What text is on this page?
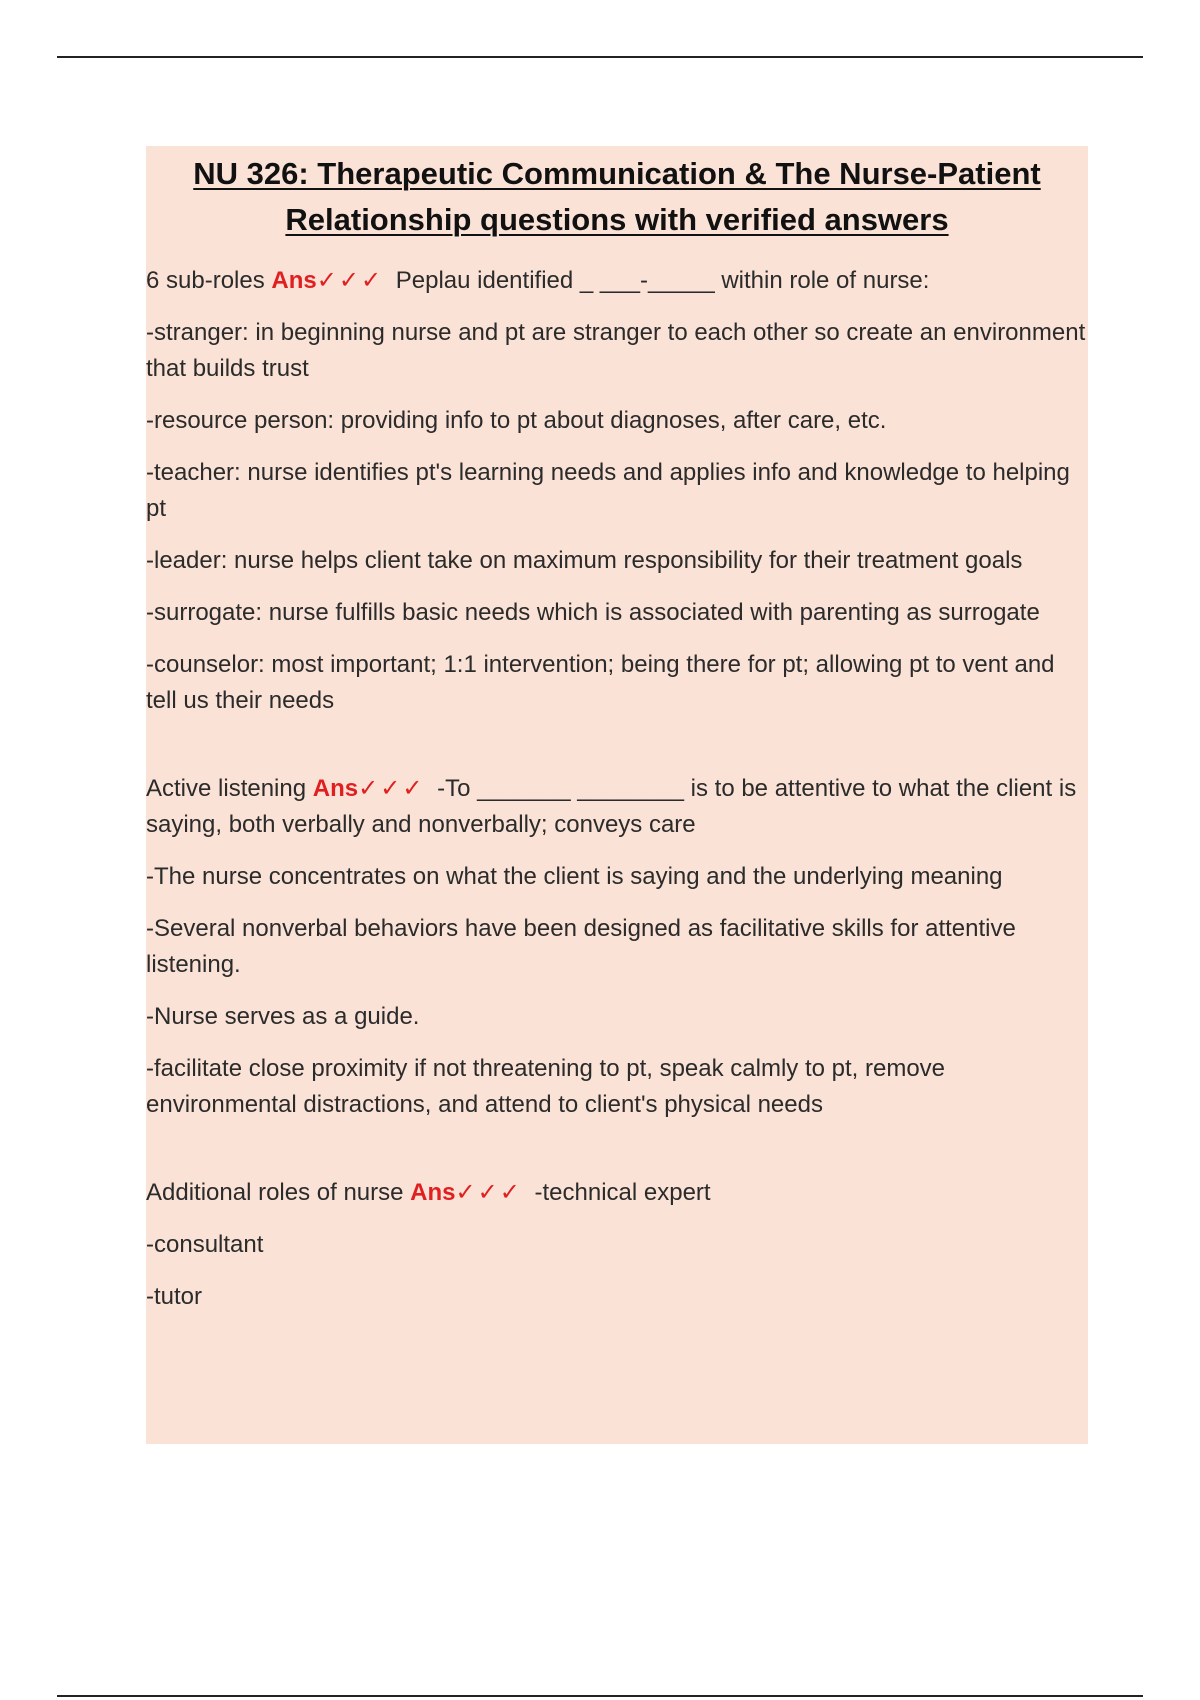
NU 326: Therapeutic Communication & The Nurse-Patient
Relationship questions with verified answers

6 sub-roles Ans✓✓✓ Peplau identified _ ___-_____ within role of nurse:

-stranger: in beginning nurse and pt are stranger to each other so create an environment that builds trust

-resource person: providing info to pt about diagnoses, after care, etc.

-teacher: nurse identifies pt's learning needs and applies info and knowledge to helping pt

-leader: nurse helps client take on maximum responsibility for their treatment goals

-surrogate: nurse fulfills basic needs which is associated with parenting as surrogate

-counselor: most important; 1:1 intervention; being there for pt; allowing pt to vent and tell us their needs

Active listening Ans✓✓✓ -To _______ ________ is to be attentive to what the client is saying, both verbally and nonverbally; conveys care

-The nurse concentrates on what the client is saying and the underlying meaning

-Several nonverbal behaviors have been designed as facilitative skills for attentive listening.

-Nurse serves as a guide.

-facilitate close proximity if not threatening to pt, speak calmly to pt, remove environmental distractions, and attend to client's physical needs

Additional roles of nurse Ans✓✓✓ -technical expert

-consultant

-tutor
